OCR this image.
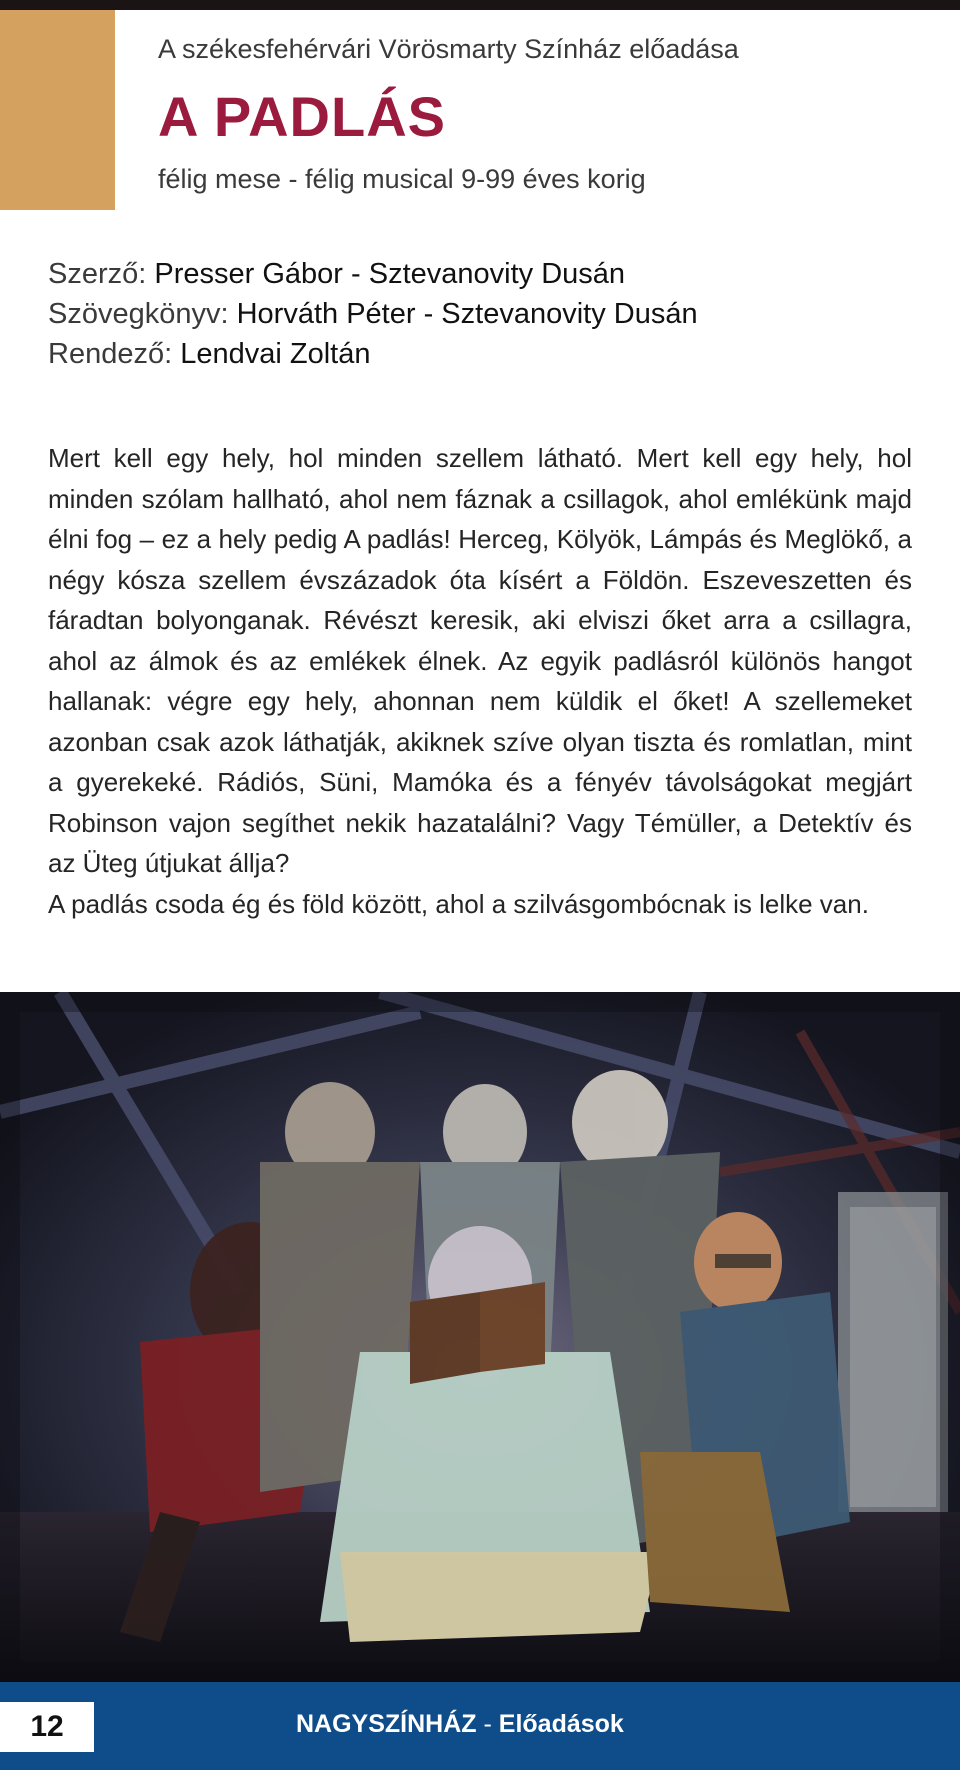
A székesfehérvári Vörösmarty Színház előadása
A PADLÁS
félig mese - félig musical 9-99 éves korig
Szerző: Presser Gábor - Sztevanovity Dusán
Szövegkönyv: Horváth Péter - Sztevanovity Dusán
Rendező: Lendvai Zoltán

Mert kell egy hely, hol minden szellem látható. Mert kell egy hely, hol minden szólam hallható, ahol nem fáznak a csillagok, ahol emlékünk majd élni fog – ez a hely pedig A padlás! Herceg, Kölyök, Lámpás és Meglökő, a négy kósza szellem évszázadok óta kísért a Földön. Eszeveszetten és fáradtan bolyonganak. Révészt keresik, aki elviszi őket arra a csillagra, ahol az álmok és az emlékek élnek. Az egyik padlásról különös hangot hallanak: végre egy hely, ahonnan nem küldik el őket! A szellemeket azonban csak azok láthatják, akiknek szíve olyan tiszta és romlatlan, mint a gyerekeké. Rádiós, Süni, Mamóka és a fényév távolságokat megjárt Robinson vajon segíthet nekik hazatalálni? Vagy Témüller, a Detektív és az Üteg útjukat állja?

A padlás csoda ég és föld között, ahol a szilvásgombócnak is lelke van.

12	NAGYSZÍNHÁZ - Előadások
